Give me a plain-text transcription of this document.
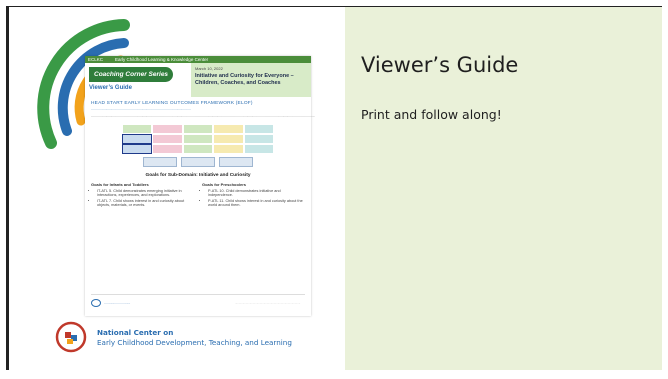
ECLKC	Early Childhood Learning & Knowledge Center
Coaching Corner Series
Viewer’s Guide
March 10, 2022
Initiative and Curiosity for Everyone – Children, Coaches, and Coaches
HEAD START EARLY LEARNING OUTCOMES FRAMEWORK (ELOF)
.......................................................................................................
......................................................................................................................................................................................................................................
Goals for Sub-Domain: Initiative and Curiosity
Goals for Infants and Toddlers
• IT-ATL 5. Child demonstrates emerging initiative in interactions, experiences, and explorations.
• IT-ATL 7. Child shows interest in and curiosity about objects, materials, or events.
Goals for Preschoolers
• P-ATL 10. Child demonstrates initiative and independence.
• P-ATL 11. Child shows interest in and curiosity about the world around them.
............................	....................................................................................
National Center on
Early Childhood Development, Teaching, and Learning
Viewer’s Guide
Print and follow along!
